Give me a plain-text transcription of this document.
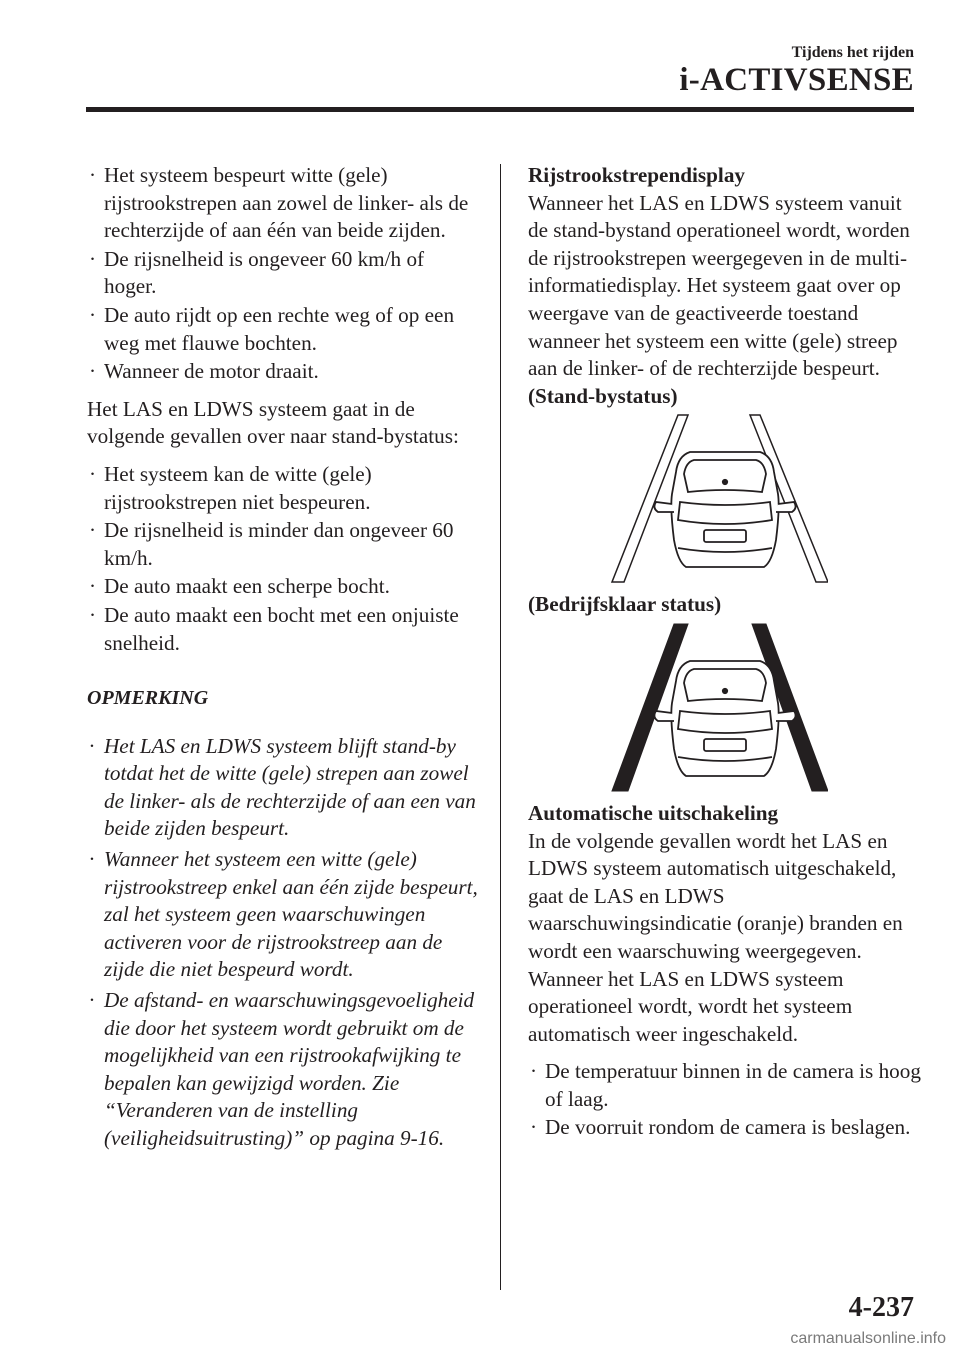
Tijdens het rijden
i-ACTIVSENSE
· Het systeem bespeurt witte (gele) rijstrookstrepen aan zowel de linker- als de rechterzijde of aan één van beide zijden.
· De rijsnelheid is ongeveer 60 km/h of hoger.
· De auto rijdt op een rechte weg of op een weg met flauwe bochten.
· Wanneer de motor draait.
Het LAS en LDWS systeem gaat in de volgende gevallen over naar stand-bystatus:
· Het systeem kan de witte (gele) rijstrookstrepen niet bespeuren.
· De rijsnelheid is minder dan ongeveer 60 km/h.
· De auto maakt een scherpe bocht.
· De auto maakt een bocht met een onjuiste snelheid.
OPMERKING
· Het LAS en LDWS systeem blijft stand-by totdat het de witte (gele) strepen aan zowel de linker- als de rechterzijde of aan een van beide zijden bespeurt.
· Wanneer het systeem een witte (gele) rijstrookstreep enkel aan één zijde bespeurt, zal het systeem geen waarschuwingen activeren voor de rijstrookstreep aan de zijde die niet bespeurd wordt.
· De afstand- en waarschuwingsgevoeligheid die door het systeem wordt gebruikt om de mogelijkheid van een rijstrookafwijking te bepalen kan gewijzigd worden. Zie “Veranderen van de instelling (veiligheidsuitrusting)” op pagina 9-16.
Rijstrookstrependisplay
Wanneer het LAS en LDWS systeem vanuit de stand-bystand operationeel wordt, worden de rijstrookstrepen weergegeven in de multi-informatiedisplay. Het systeem gaat over op weergave van de geactiveerde toestand wanneer het systeem een witte (gele) streep aan de linker- of de rechterzijde bespeurt.
(Stand-bystatus)
(Bedrijfsklaar status)
Automatische uitschakeling
In de volgende gevallen wordt het LAS en LDWS systeem automatisch uitgeschakeld, gaat de LAS en LDWS waarschuwingsindicatie (oranje) branden en wordt een waarschuwing weergegeven. Wanneer het LAS en LDWS systeem operationeel wordt, wordt het systeem automatisch weer ingeschakeld.
· De temperatuur binnen in de camera is hoog of laag.
· De voorruit rondom de camera is beslagen.
4-237
carmanualsonline.info
